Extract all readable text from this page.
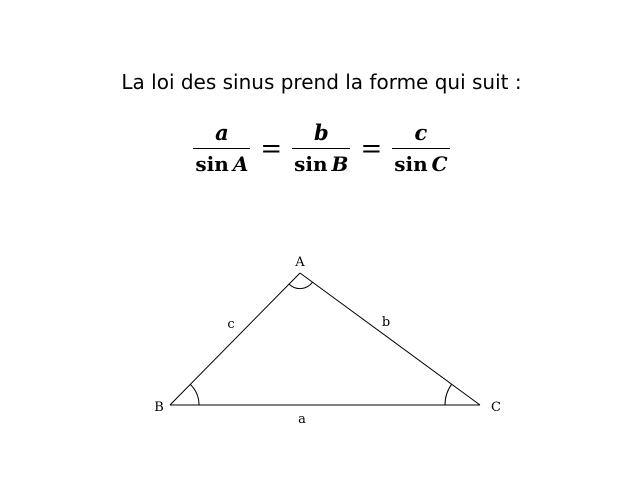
La loi des sinus prend la forme qui suit :
$\frac{a}{\text{sin  A}} = \frac{b}{\text{sin  B}} = \frac{c}{\text{sin  C}}$
A
B	C
c	b
a
